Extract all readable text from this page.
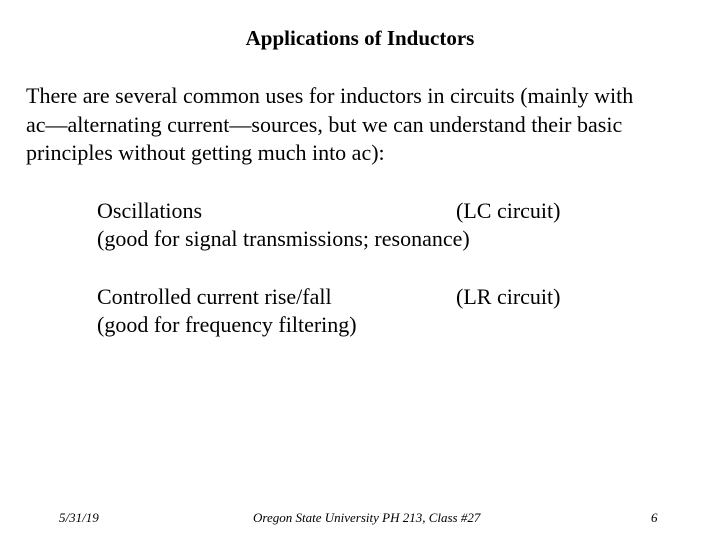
Applications of Inductors
There are several common uses for inductors in circuits (mainly with
ac—alternating current—sources, but we can understand their basic
principles without getting much into ac):
Oscillations	(LC circuit)
(good for signal transmissions; resonance)
Controlled current rise/fall	(LR circuit)
(good for frequency filtering)
5/31/19	Oregon State University PH 213, Class #27	6
